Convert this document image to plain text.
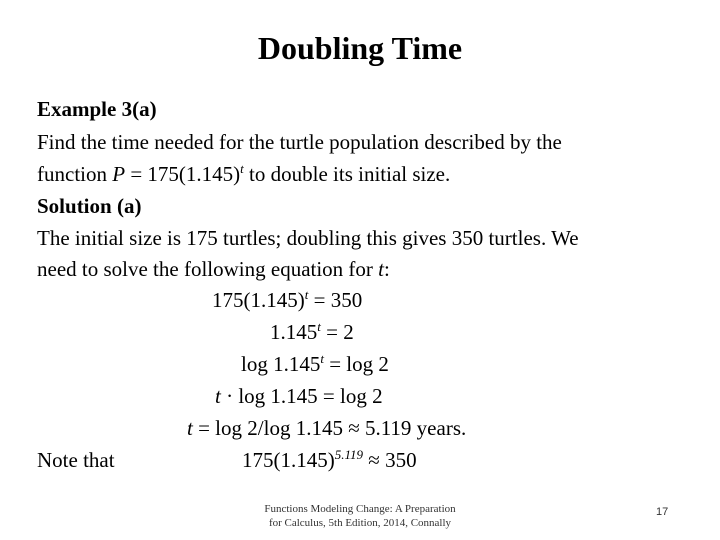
Doubling Time
Example 3(a)
Find the time needed for the turtle population described by the
function $P = 175(1.145)^t$ to double its initial size.
Solution (a)
The initial size is 175 turtles; doubling this gives 350 turtles. We
need to solve the following equation for t:
$175(1.145)^t = 350$
$1.145^t = 2$
$\log 1.145^t = \log 2$
t · log 1.145 = log 2
t = log 2/log 1.145 ≈ 5.119 years.
Note that	$175(1.145)^{5.119} \approx 350$
Functions Modeling Change: A Preparation
for Calculus, 5th Edition, 2014, Connally
17
